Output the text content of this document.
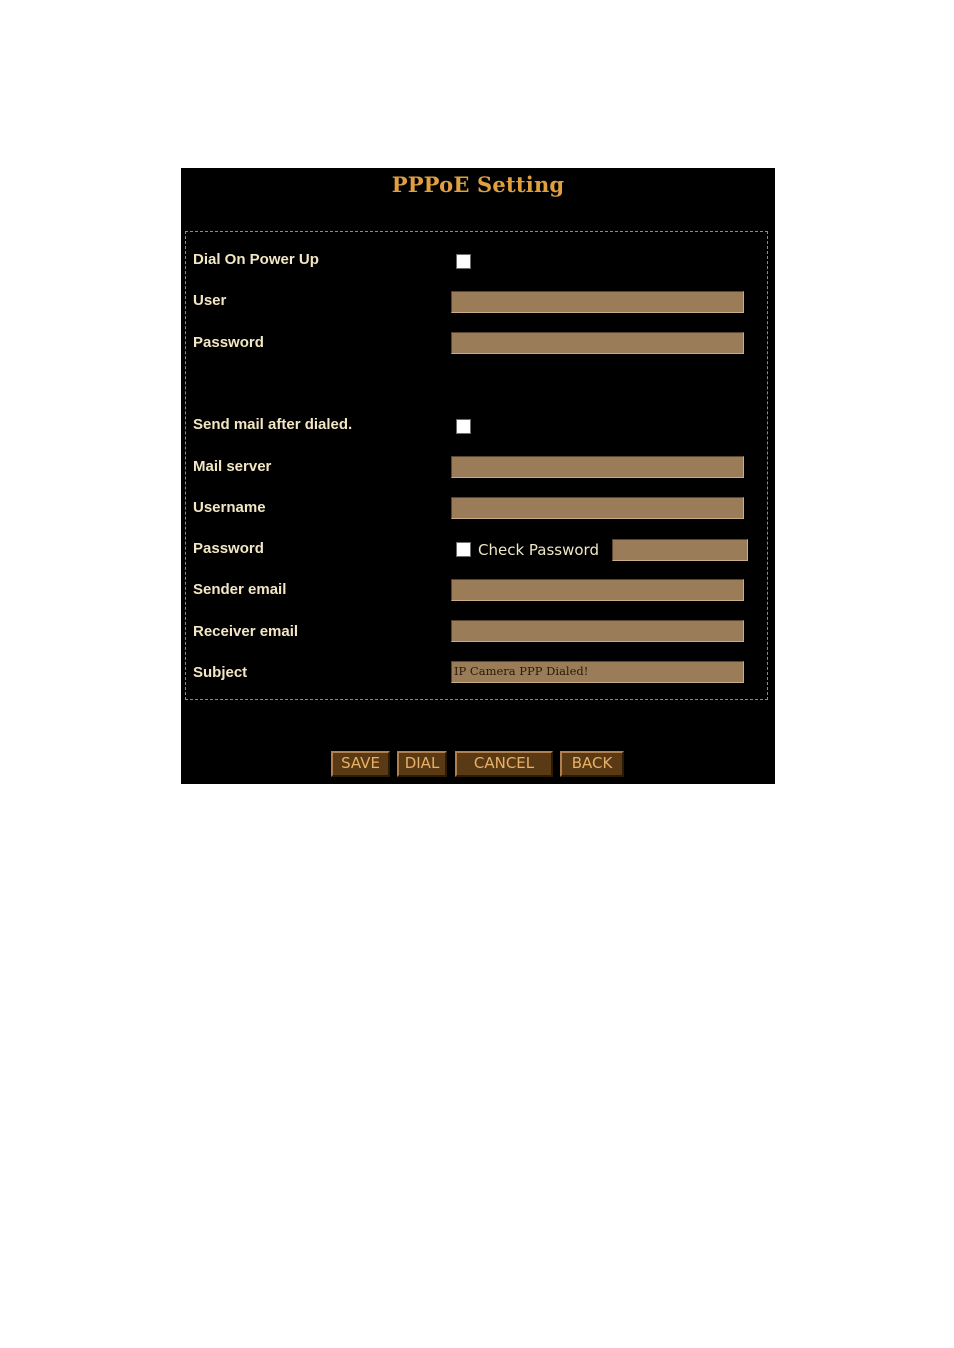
PPPoE Setting
Dial On Power Up
User
Password
Send mail after dialed.
Mail server
Username
Password	Check Password
Sender email
Receiver email
Subject	IP Camera PPP Dialed!
SAVE	DIAL	CANCEL	BACK
